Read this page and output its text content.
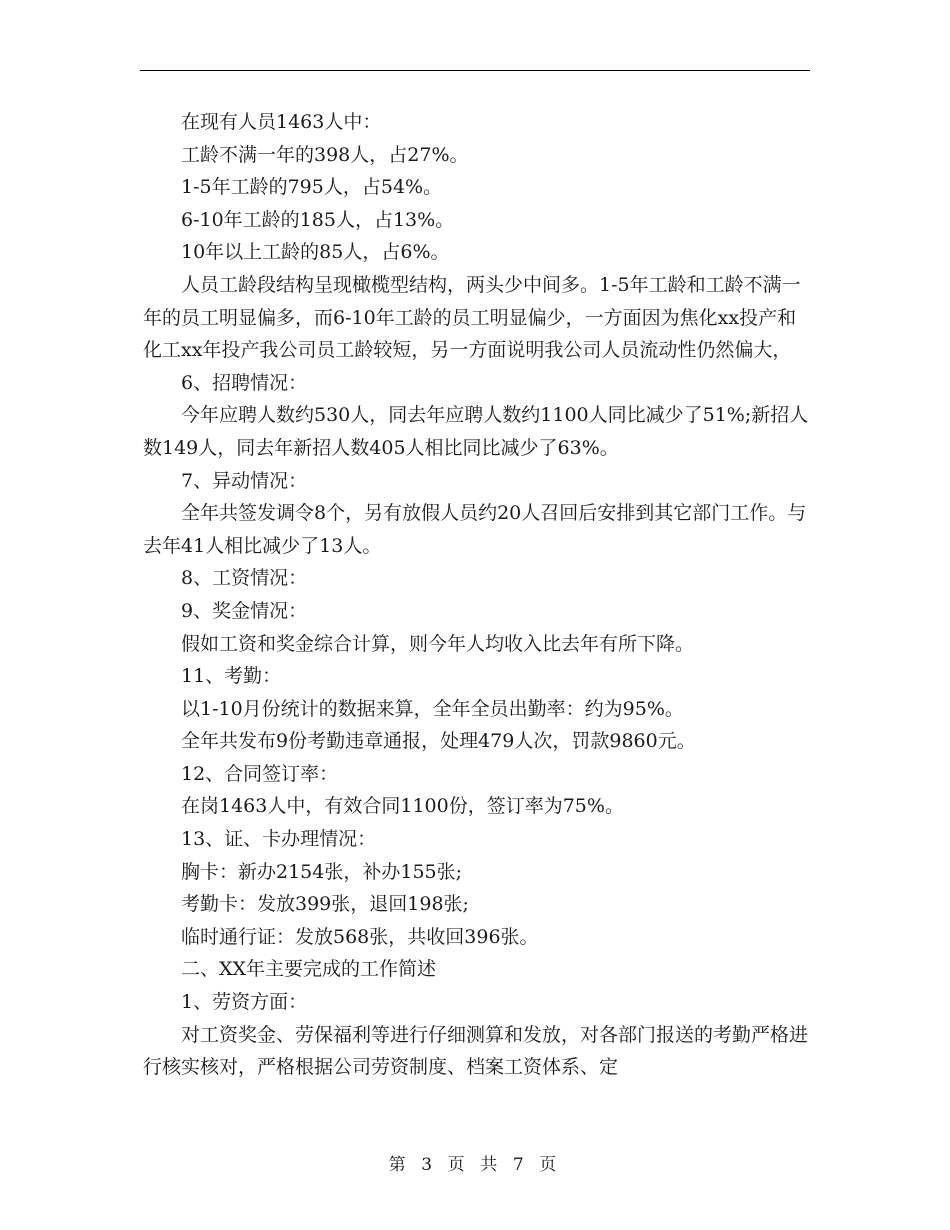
在现有人员1463人中：

工龄不满一年的398人，占27%。

1-5年工龄的795人，占54%。

6-10年工龄的185人，占13%。

10年以上工龄的85人，占6%。

人员工龄段结构呈现橄榄型结构，两头少中间多。1-5年工龄和工龄不满一年的员工明显偏多，而6-10年工龄的员工明显偏少，一方面因为焦化xx投产和化工xx年投产我公司员工龄较短，另一方面说明我公司人员流动性仍然偏大，

6、招聘情况：

今年应聘人数约530人，同去年应聘人数约1100人同比减少了51%;新招人数149人，同去年新招人数405人相比同比减少了63%。

7、异动情况：

全年共签发调令8个，另有放假人员约20人召回后安排到其它部门工作。与去年41人相比减少了13人。

8、工资情况：

9、奖金情况：

假如工资和奖金综合计算，则今年人均收入比去年有所下降。

11、考勤：

以1-10月份统计的数据来算，全年全员出勤率：约为95%。

全年共发布9份考勤违章通报，处理479人次，罚款9860元。

12、合同签订率：

在岗1463人中，有效合同1100份，签订率为75%。

13、证、卡办理情况：

胸卡：新办2154张，补办155张;

考勤卡：发放399张，退回198张;

临时通行证：发放568张，共收回396张。

二、XX年主要完成的工作简述

1、劳资方面：

对工资奖金、劳保福利等进行仔细测算和发放，对各部门报送的考勤严格进行核实核对，严格根据公司劳资制度、档案工资体系、定

第 3 页 共 7 页
